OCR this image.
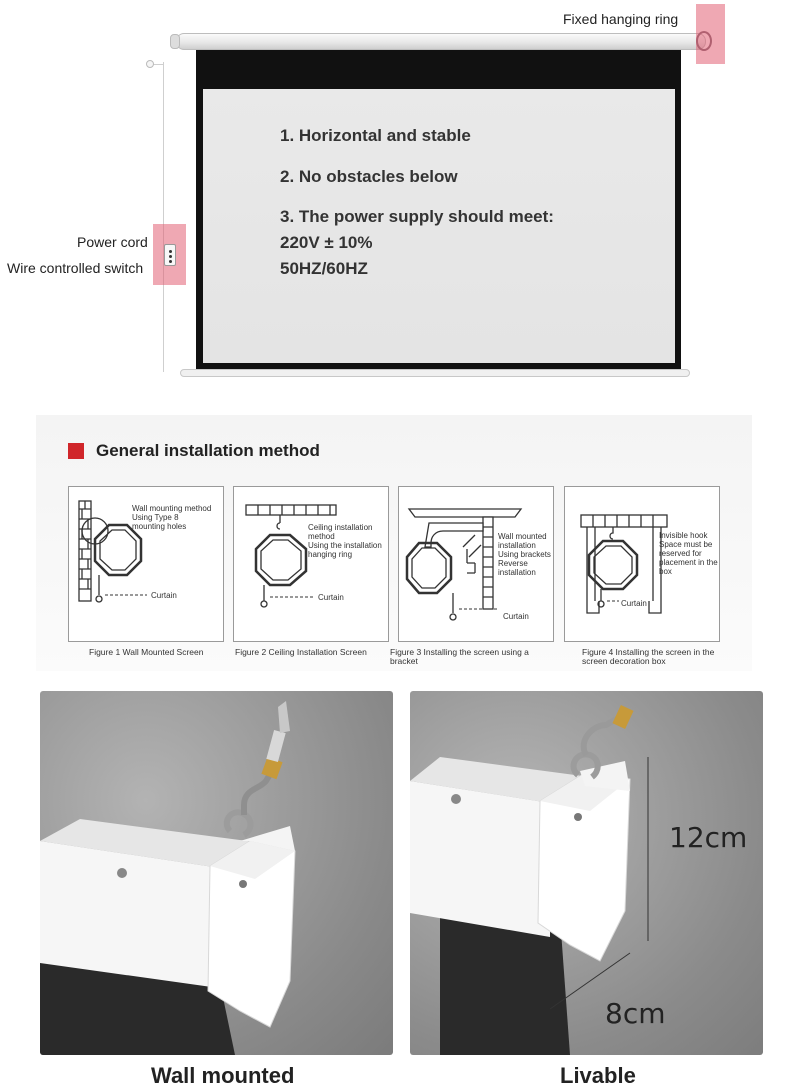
Fixed hanging ring
Power cord
Wire controlled switch
1. Horizontal and stable
2. No obstacles below
3. The power supply should meet:
220V ± 10%
50HZ/60HZ
General installation method
Wall mounting method
Using Type 8
mounting holes
Curtain
Ceiling installation
method
Using the installation
hanging ring
Curtain
Wall mounted
installation
Using brackets
Reverse
installation
Curtain
Invisible hook
Space must be
reserved for
placement in the
box
Curtain
Figure 1 Wall Mounted Screen	Figure 2 Ceiling Installation Screen	Figure 3 Installing the screen using a bracket
Figure 4 Installing the screen in the screen decoration box
12cm
8cm
Wall mounted	Livable
